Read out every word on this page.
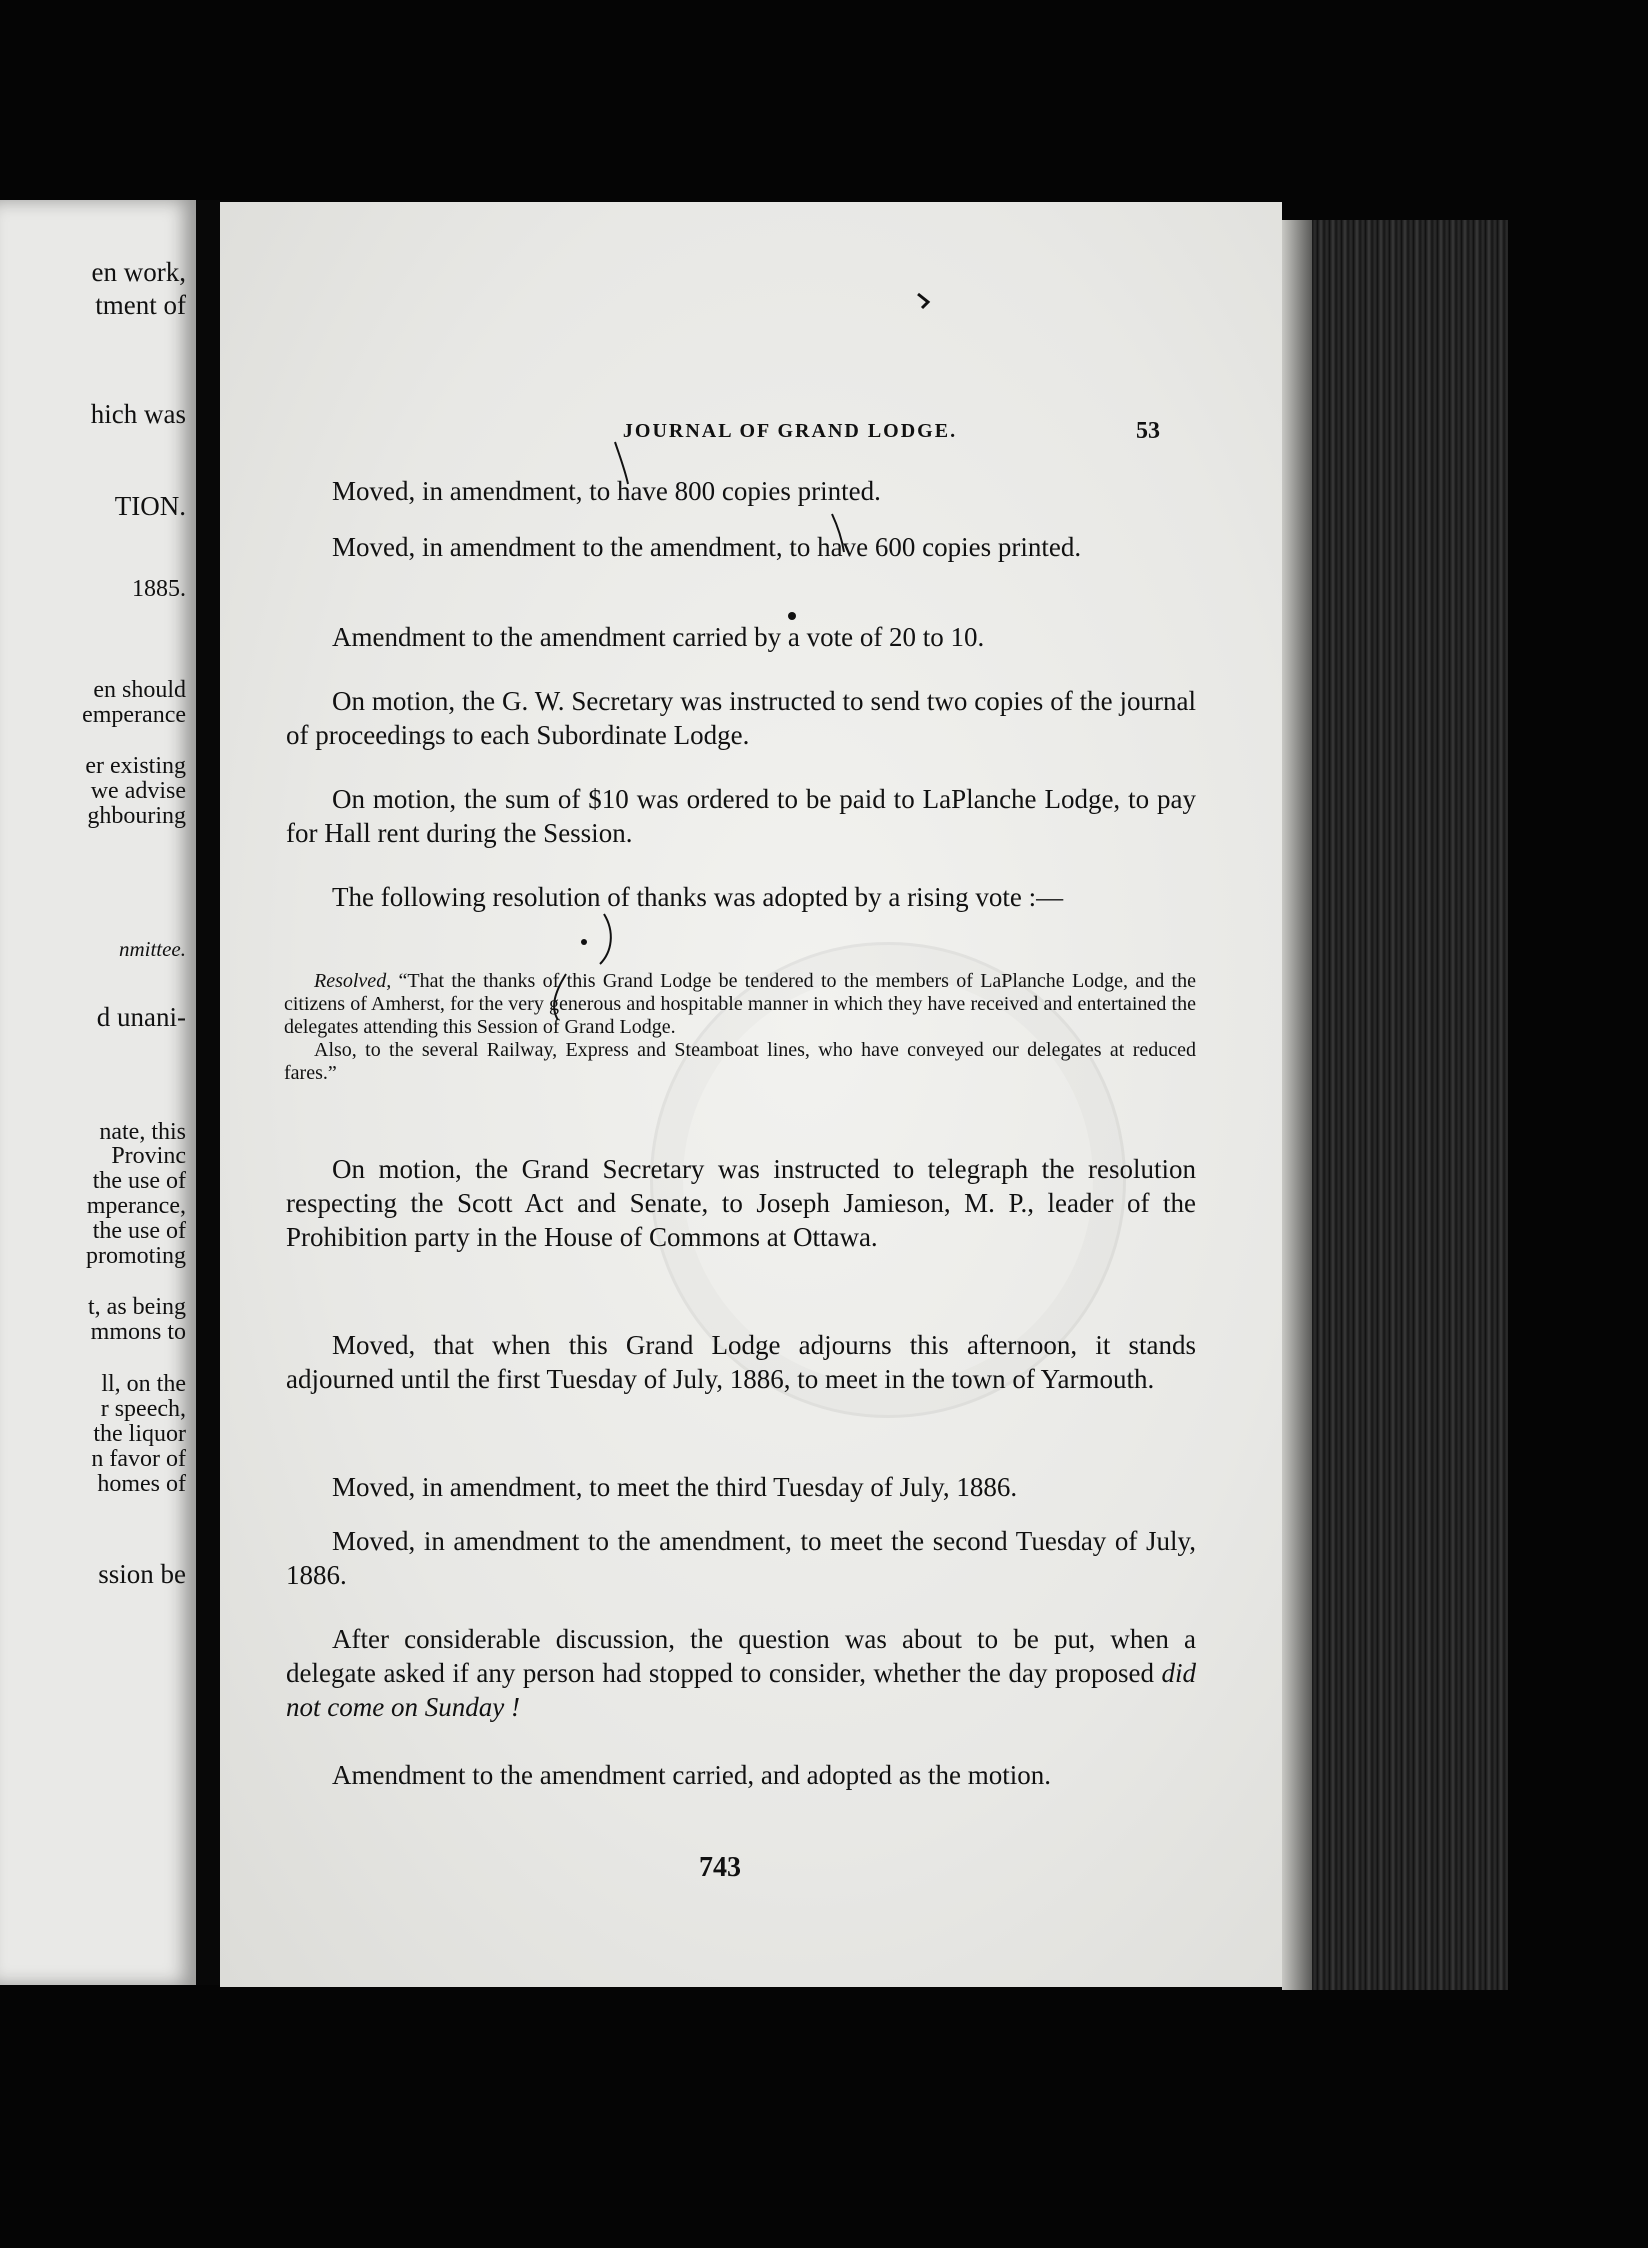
en work,
tment of
hich was
TION.
1885.
en should
emperance
er existing
we advise
ghbouring
nmittee.
d unani-
nate, this
Provinc
the use of
mperance,
the use of
promoting
t, as being
mmons to
ll, on the
r speech,
the liquor
n favor of
homes of
ssion be
JOURNAL OF GRAND LODGE.	53

Moved, in amendment, to have 800 copies printed.

Moved, in amendment to the amendment, to have 600 copies printed.

Amendment to the amendment carried by a vote of 20 to 10.

On motion, the G. W. Secretary was instructed to send two copies of the journal of proceedings to each Subordinate Lodge.

On motion, the sum of $10 was ordered to be paid to LaPlanche Lodge, to pay for Hall rent during the Session.

The following resolution of thanks was adopted by a rising vote :—

Resolved, “That the thanks of this Grand Lodge be tendered to the members of LaPlanche Lodge, and the citizens of Amherst, for the very generous and hospitable manner in which they have received and entertained the delegates attending this Session of Grand Lodge.

Also, to the several Railway, Express and Steamboat lines, who have conveyed our delegates at reduced fares.”

On motion, the Grand Secretary was instructed to telegraph the resolution respecting the Scott Act and Senate, to Joseph Jamieson, M. P., leader of the Prohibition party in the House of Commons at Ottawa.

Moved, that when this Grand Lodge adjourns this afternoon, it stands adjourned until the first Tuesday of July, 1886, to meet in the town of Yarmouth.

Moved, in amendment, to meet the third Tuesday of July, 1886.

Moved, in amendment to the amendment, to meet the second Tuesday of July, 1886.

After considerable discussion, the question was about to be put, when a delegate asked if any person had stopped to consider, whether the day proposed did not come on Sunday !

Amendment to the amendment carried, and adopted as the motion.

743
